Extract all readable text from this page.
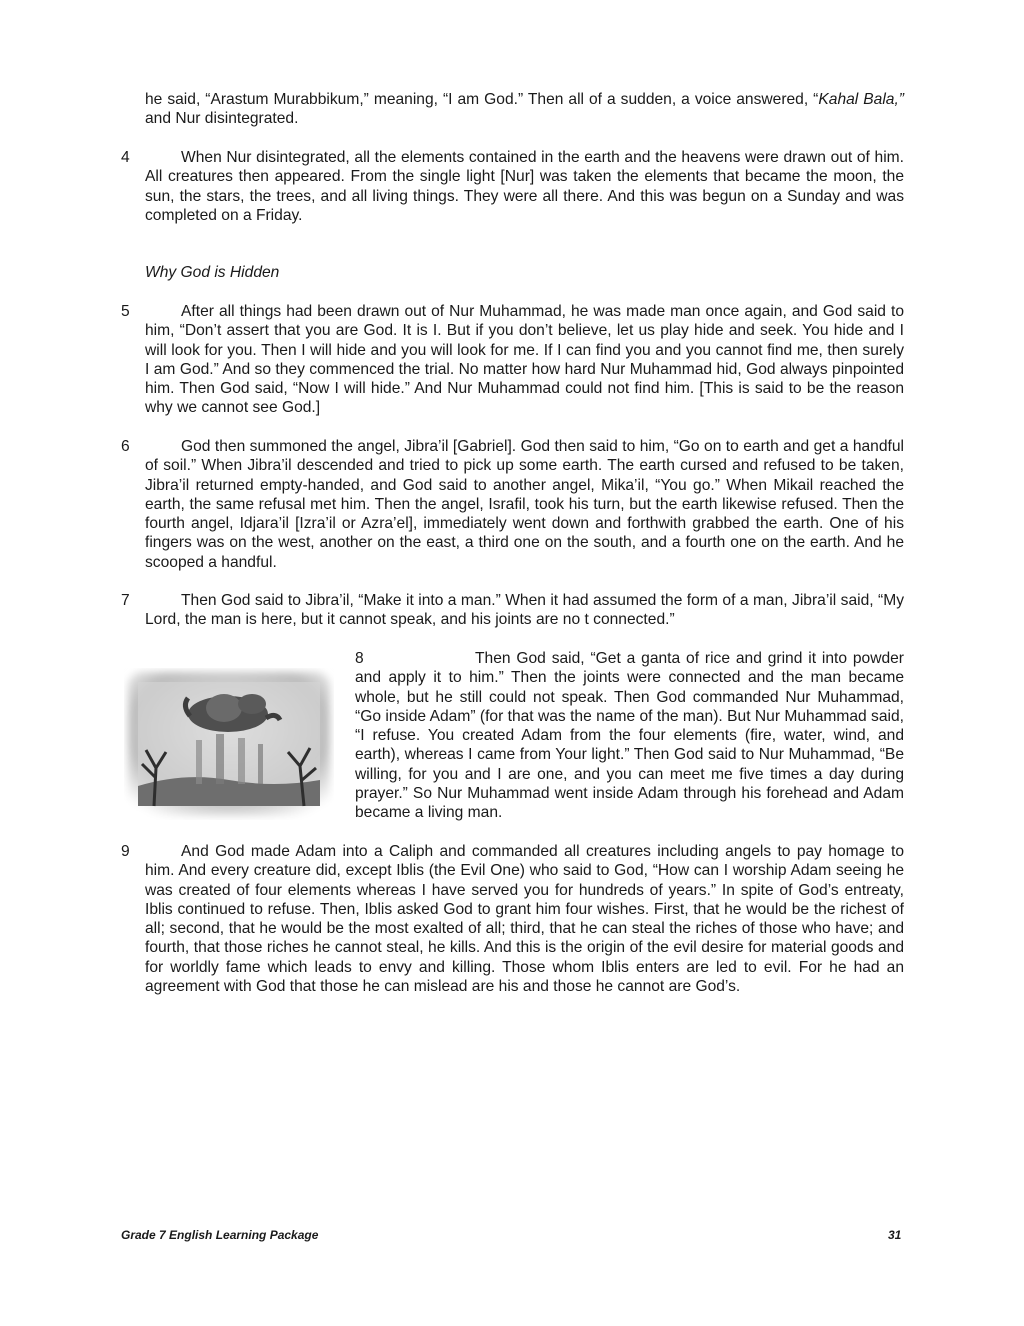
he said, “Arastum Murabbikum,” meaning, “I am God.” Then all of a sudden, a voice answered, “Kahal Bala,” and Nur disintegrated.
4	When Nur disintegrated, all the elements contained in the earth and the heavens were drawn out of him. All creatures then appeared. From the single light [Nur] was taken the elements that became the moon, the sun, the stars, the trees, and all living things. They were all there. And this was begun on a Sunday and was completed on a Friday.
Why God is Hidden
5	After all things had been drawn out of Nur Muhammad, he was made man once again, and God said to him, “Don’t assert that you are God. It is I. But if you don’t believe, let us play hide and seek. You hide and I will look for you. Then I will hide and you will look for me. If I can find you and you cannot find me, then surely I am God.” And so they commenced the trial. No matter how hard Nur Muhammad hid, God always pinpointed him. Then God said, “Now I will hide.” And Nur Muhammad could not find him. [This is said to be the reason why we cannot see God.]
6	God then summoned the angel, Jibra’il [Gabriel]. God then said to him, “Go on to earth and get a handful of soil.” When Jibra’il descended and tried to pick up some earth. The earth cursed and refused to be taken, Jibra’il returned empty-handed, and God said to another angel, Mika’il, “You go.” When Mikail reached the earth, the same refusal met him. Then the angel, Israfil, took his turn, but the earth likewise refused. Then the fourth angel, Idjara’il [Izra’il or Azra’el], immediately went down and forthwith grabbed the earth. One of his fingers was on the west, another on the east, a third one on the south, and a fourth one on the earth. And he scooped a handful.
7	Then God said to Jibra’il, “Make it into a man.” When it had assumed the form of a man, Jibra’il said, “My Lord, the man is here, but it cannot speak, and his joints are no t connected.”
8	Then God said, “Get a ganta of rice and grind it into powder and apply it to him.” Then the joints were connected and the man became whole, but he still could not speak. Then God commanded Nur Muhammad, “Go inside Adam” (for that was the name of the man). But Nur Muhammad said, “I refuse. You created Adam from the four elements (fire, water, wind, and earth), whereas I came from Your light.” Then God said to Nur Muhammad, “Be willing, for you and I are one, and you can meet me five times a day during prayer.” So Nur Muhammad went inside Adam through his forehead and Adam became a living man.
9	And God made Adam into a Caliph and commanded all creatures including angels to pay homage to him. And every creature did, except Iblis (the Evil One) who said to God, “How can I worship Adam seeing he was created of four elements whereas I have served you for hundreds of years.” In spite of God’s entreaty, Iblis continued to refuse. Then, Iblis asked God to grant him four wishes. First, that he would be the richest of all; second, that he would be the most exalted of all; third, that he can steal the riches of those who have; and fourth, that those riches he cannot steal, he kills. And this is the origin of the evil desire for material goods and for worldly fame which leads to envy and killing. Those whom Iblis enters are led to evil. For he had an agreement with God that those he can mislead are his and those he cannot are God’s.
Grade 7 English Learning Package	31
